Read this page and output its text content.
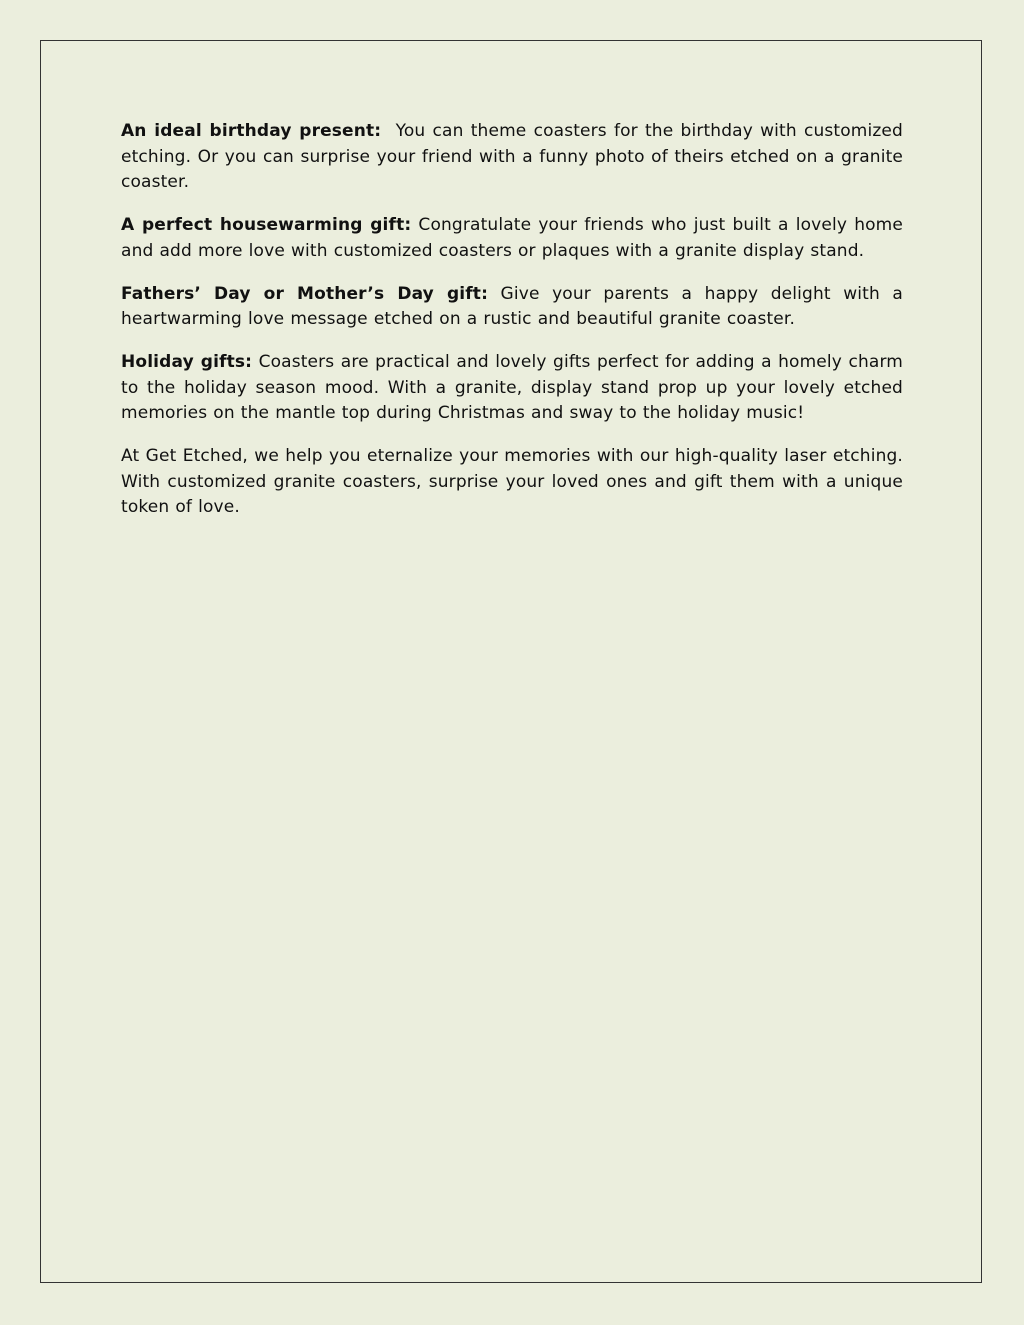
An ideal birthday present:  You can theme coasters for the birthday with customized etching. Or you can surprise your friend with a funny photo of theirs etched on a granite coaster.

A perfect housewarming gift: Congratulate your friends who just built a lovely home and add more love with customized coasters or plaques with a granite display stand.

Fathers’ Day or Mother’s Day gift: Give your parents a happy delight with a heartwarming love message etched on a rustic and beautiful granite coaster.

Holiday gifts: Coasters are practical and lovely gifts perfect for adding a homely charm to the holiday season mood. With a granite, display stand prop up your lovely etched memories on the mantle top during Christmas and sway to the holiday music!

At Get Etched, we help you eternalize your memories with our high-quality laser etching. With customized granite coasters, surprise your loved ones and gift them with a unique token of love.
